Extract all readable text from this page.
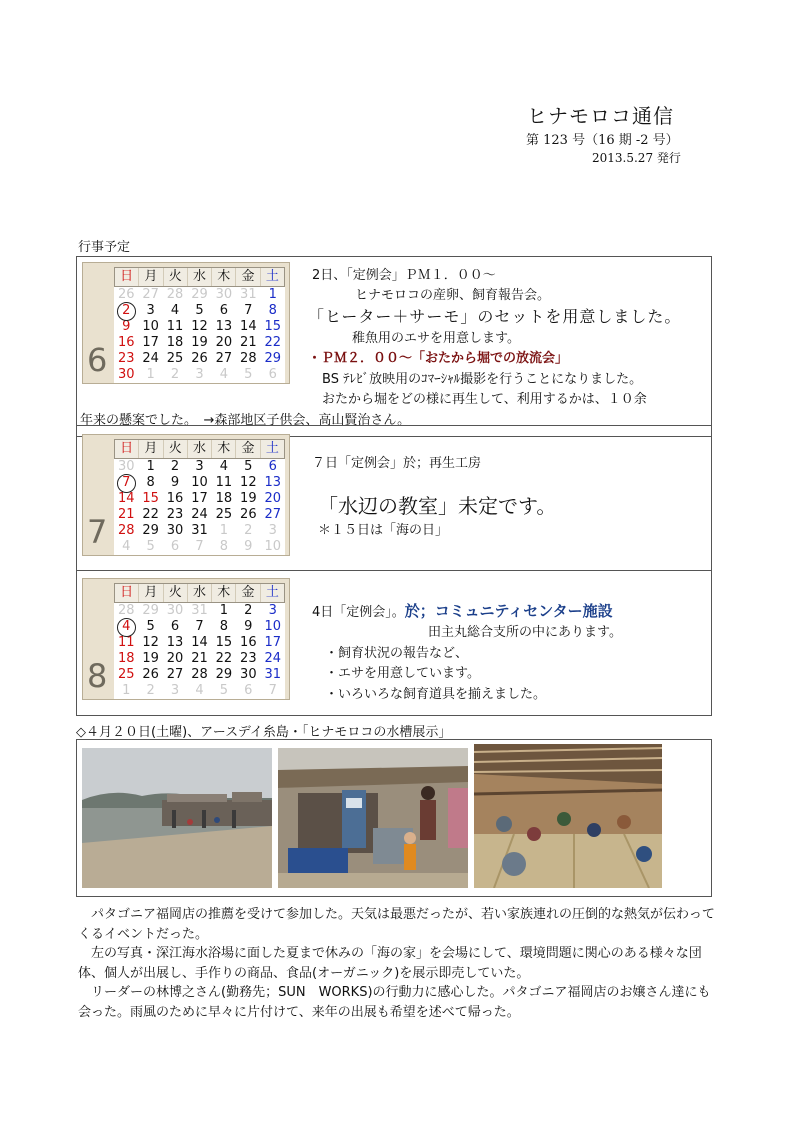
ヒナモロコ通信
第 123 号（16 期 -2 号）
2013.5.27 発行
行事予定
6
日 月 火 水 木 金 土
26 27 28 29 30 31 1
2	3	4	5	6	7	8
9 10 11 12 13 14 15
16 17 18 19 20 21 22
23 24 25 26 27 28 29
30 1	2	3	4	5	6
2日、「定例会」ＰＭ１．００～
ヒナモロコの産卵、飼育報告会。
「ヒーター＋サーモ」のセットを用意しました。
稚魚用のエサを用意します。
・ＰＭ２．００～「おたから堀での放流会」
BS ﾃﾚﾋﾞ放映用のｺﾏｰｼｬﾙ撮影を行うことになりました。
おたから堀をどの様に再生して、利用するかは、１０余
年来の懸案でした。　→森部地区子供会、高山賢治さん。
7
日 月 火 水 木 金 土
30 1	2	3	4	5	6
7	8	9 10 11 12 13
14 15 16 17 18 19 20
21 22 23 24 25 26 27
28 29 30 31 1	2	3
4	5	6	7	8	9 10
７日「定例会」於；再生工房
「水辺の教室」未定です。
＊１５日は「海の日」
8
日 月 火 水 木 金 土
28 29 30 31 1	2	3
4	5	6	7	8	9 10
11 12 13 14 15 16 17
18 19 20 21 22 23 24
25 26 27 28 29 30 31
1	2	3	4	5	6	7
4日「定例会」。於；コミュニティセンター施設
田主丸総合支所の中にあります。
・飼育状況の報告など、
・エサを用意しています。
・いろいろな飼育道具を揃えました。
◇４月２０日(土曜)、アースデイ糸島・「ヒナモロコの水槽展示」
　パタゴニア福岡店の推薦を受けて参加した。天気は最悪だったが、若い家族連れの圧倒的な熱気が伝わってくるイベントだった。
　左の写真・深江海水浴場に面した夏まで休みの「海の家」を会場にして、環境問題に関心のある様々な団体、個人が出展し、手作りの商品、食品(オーガニック)を展示即売していた。
　リーダーの林博之さん(勤務先；SUN　WORKS)の行動力に感心した。パタゴニア福岡店のお嬢さん達にも会った。雨風のために早々に片付けて、来年の出展も希望を述べて帰った。
